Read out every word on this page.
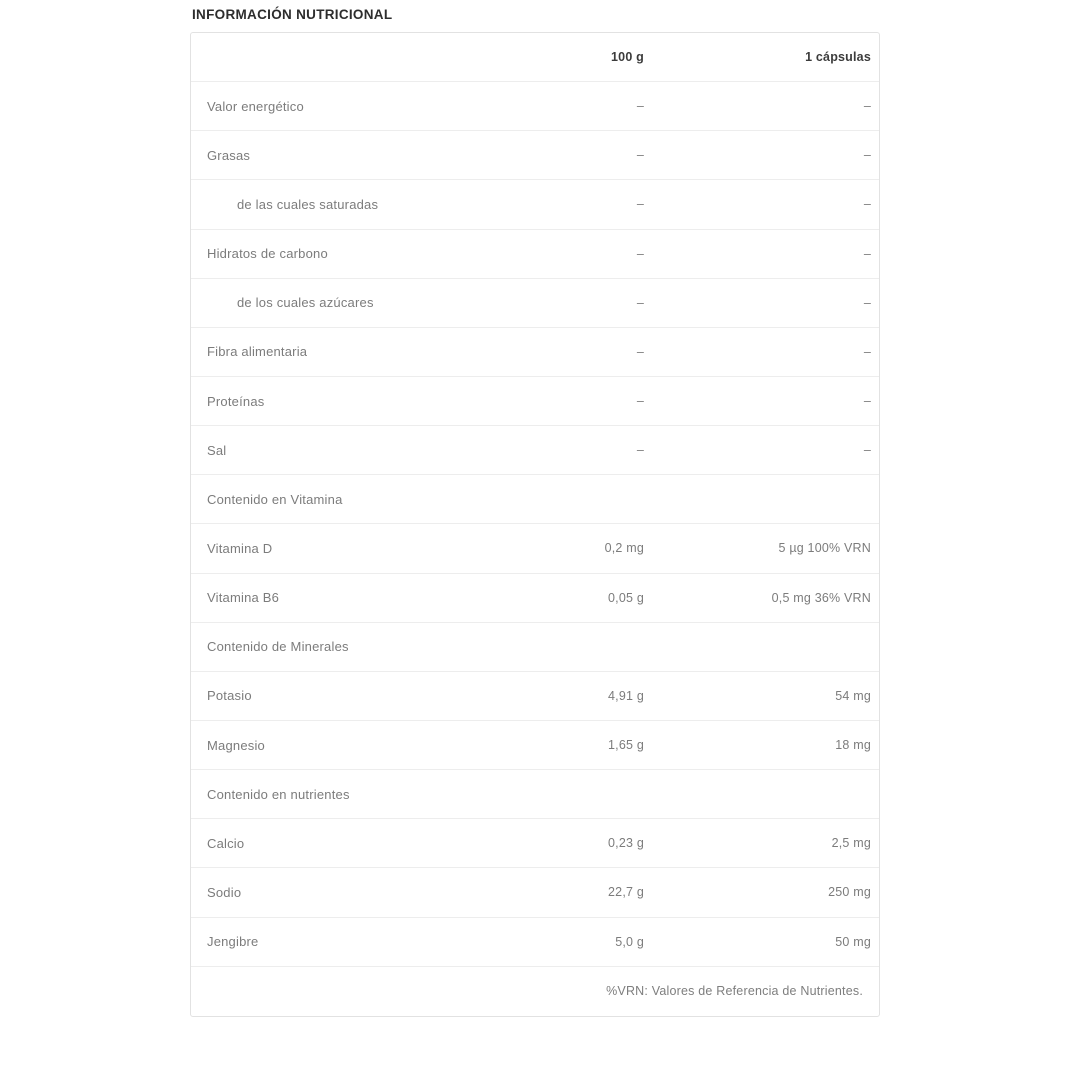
INFORMACIÓN NUTRICIONAL
100 g	1 cápsulas
Valor energético	–	–
Grasas	–	–
de las cuales saturadas	–	–
Hidratos de carbono	–	–
de los cuales azúcares	–	–
Fibra alimentaria	–	–
Proteínas	–	–
Sal	–	–
Contenido en Vitamina
Vitamina D	0,2 mg	5 µg 100% VRN
Vitamina B6	0,05 g	0,5 mg 36% VRN
Contenido de Minerales
Potasio	4,91 g	54 mg
Magnesio	1,65 g	18 mg
Contenido en nutrientes
Calcio	0,23 g	2,5 mg
Sodio	22,7 g	250 mg
Jengibre	5,0 g	50 mg
%VRN: Valores de Referencia de Nutrientes.
